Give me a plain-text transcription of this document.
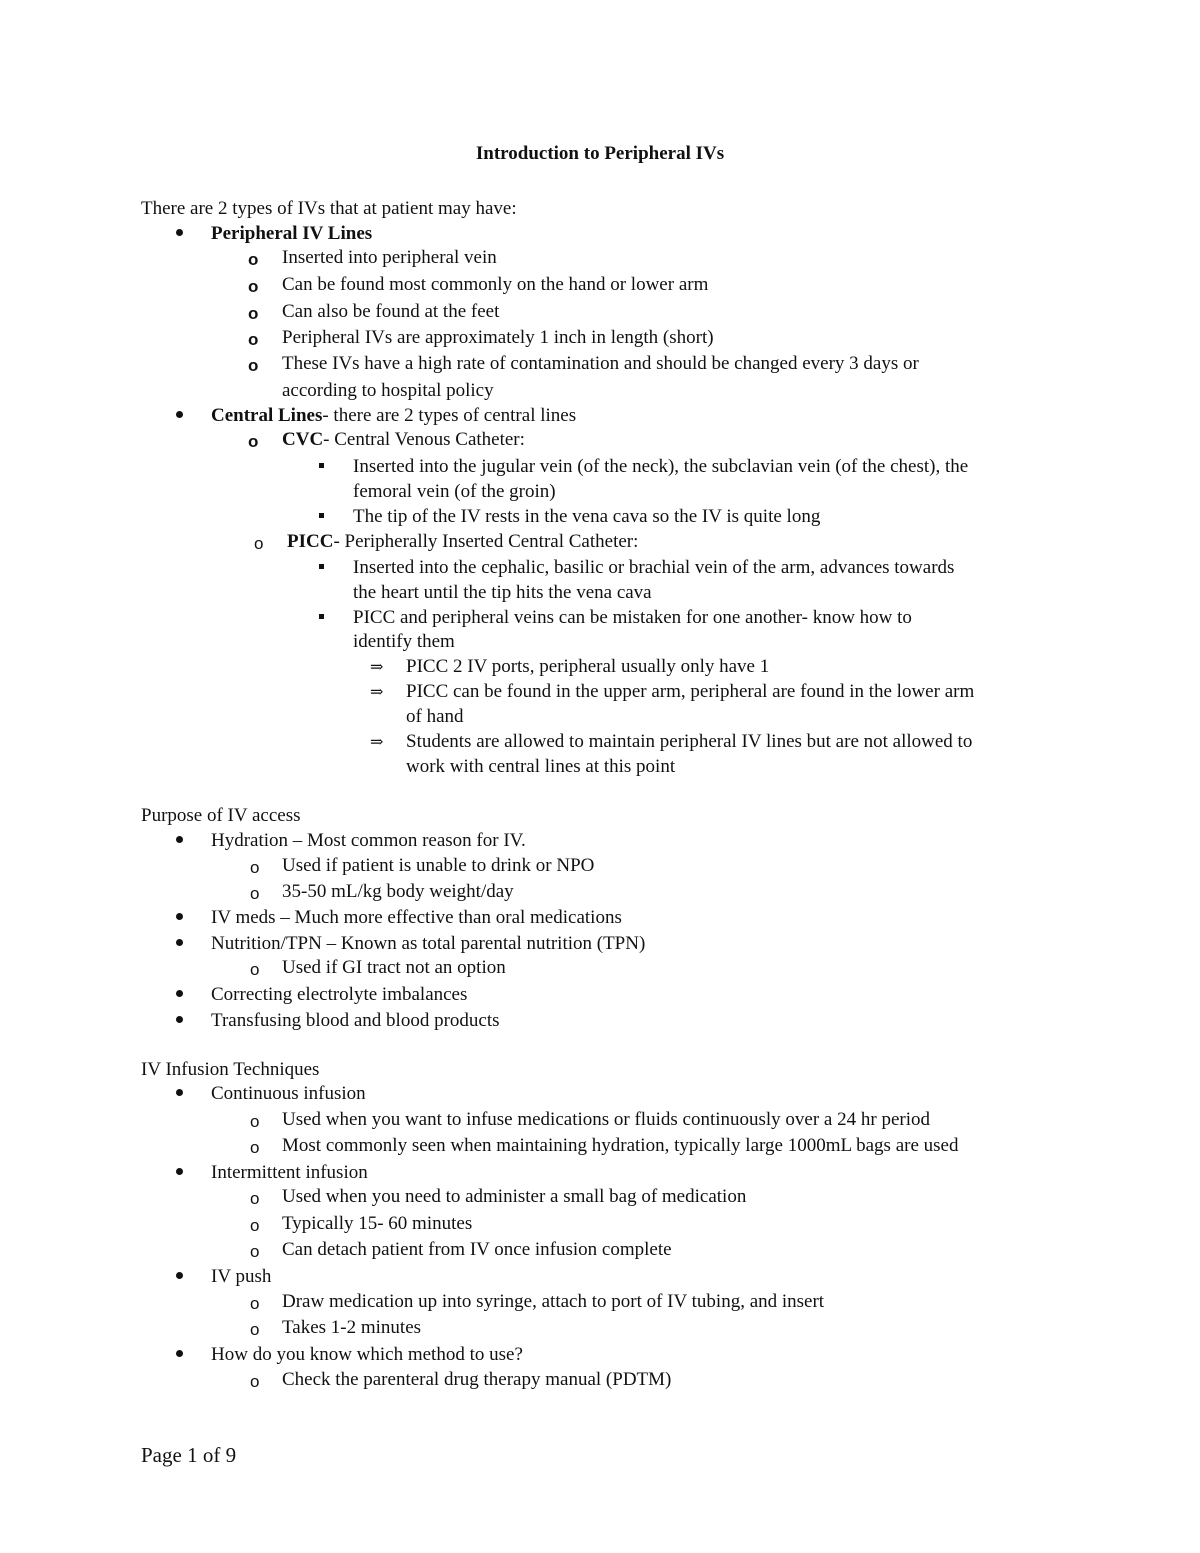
Introduction to Peripheral IVs
There are 2 types of IVs that at patient may have:
Peripheral IV Lines
o Inserted into peripheral vein
o Can be found most commonly on the hand or lower arm
o Can also be found at the feet
o Peripheral IVs are approximately 1 inch in length (short)
o These IVs have a high rate of contamination and should be changed every 3 days or
according to hospital policy
Central Lines- there are 2 types of central lines
o CVC- Central Venous Catheter:
Inserted into the jugular vein (of the neck), the subclavian vein (of the chest), the
femoral vein (of the groin)
The tip of the IV rests in the vena cava so the IV is quite long
o PICC- Peripherally Inserted Central Catheter:
Inserted into the cephalic, basilic or brachial vein of the arm, advances towards
the heart until the tip hits the vena cava
PICC and peripheral veins can be mistaken for one another- know how to
identify them
⇒ PICC 2 IV ports, peripheral usually only have 1
⇒ PICC can be found in the upper arm, peripheral are found in the lower arm
of hand
⇒ Students are allowed to maintain peripheral IV lines but are not allowed to
work with central lines at this point
Purpose of IV access
Hydration – Most common reason for IV.
o Used if patient is unable to drink or NPO
o 35-50 mL/kg body weight/day
IV meds – Much more effective than oral medications
Nutrition/TPN – Known as total parental nutrition (TPN)
o Used if GI tract not an option
Correcting electrolyte imbalances
Transfusing blood and blood products
IV Infusion Techniques
Continuous infusion
o Used when you want to infuse medications or fluids continuously over a 24 hr period
o Most commonly seen when maintaining hydration, typically large 1000mL bags are used
Intermittent infusion
o Used when you need to administer a small bag of medication
o Typically 15- 60 minutes
o Can detach patient from IV once infusion complete
IV push
o Draw medication up into syringe, attach to port of IV tubing, and insert
o Takes 1-2 minutes
How do you know which method to use?
o Check the parenteral drug therapy manual (PDTM)
Page 1 of 9
